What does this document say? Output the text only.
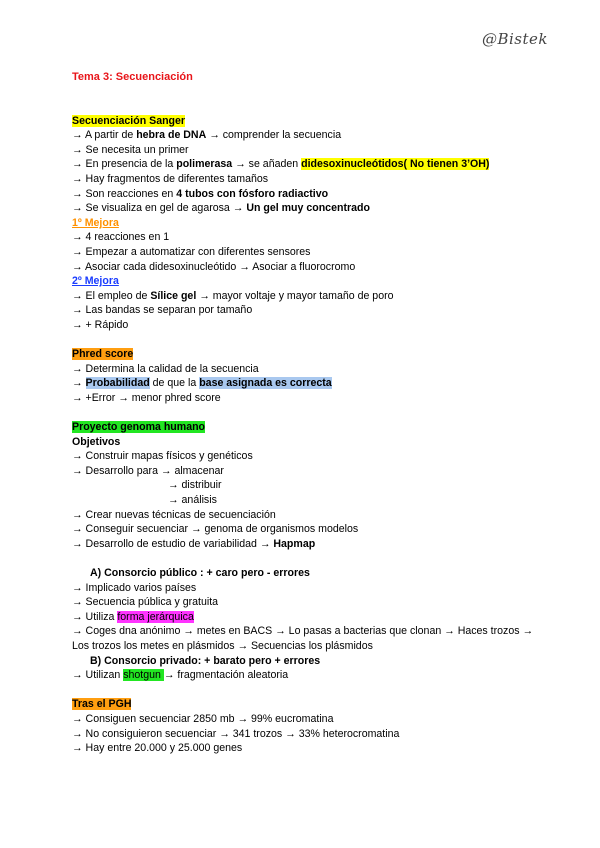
@Bistek
Tema 3: Secuenciación
Secuenciación Sanger
→ A partir de hebra de DNA → comprender la secuencia
→ Se necesita un primer
→ En presencia de la polimerasa → se añaden didesoxinucleótidos( No tienen 3’OH)
→ Hay fragmentos de diferentes tamaños
→ Son reacciones en 4 tubos con fósforo radiactivo
→ Se visualiza en gel de agarosa → Un gel muy concentrado
1º Mejora
→ 4 reacciones en 1
→ Empezar a automatizar con diferentes sensores
→ Asociar cada didesoxinucleótido → Asociar a fluorocromo
2º Mejora
→ El empleo de Sílice gel → mayor voltaje y mayor tamaño de poro
→ Las bandas se separan por tamaño
→ + Rápido
Phred score
→ Determina la calidad de la secuencia
→ Probabilidad de que la base asignada es correcta
→ +Error → menor phred score
Proyecto genoma humano
Objetivos
→ Construir mapas físicos y genéticos
→ Desarrollo para → almacenar
→ distribuir
→ análisis
→ Crear nuevas técnicas de secuenciación
→ Conseguir secuenciar → genoma de organismos modelos
→ Desarrollo de estudio de variabilidad → Hapmap
A) Consorcio público : + caro pero - errores
→ Implicado varios países
→ Secuencia pública y gratuita
→ Utiliza forma jerárquica
→ Coges dna anónimo → metes en BACS → Lo pasas a bacterias que clonan → Haces trozos → Los trozos los metes en plásmidos → Secuencias los plásmidos
B) Consorcio privado: + barato pero + errores
→ Utilizan shotgun → fragmentación aleatoria
Tras el PGH
→ Consiguen secuenciar 2850 mb → 99% eucromatina
→ No consiguieron secuenciar → 341 trozos → 33% heterocromatina
→ Hay entre 20.000 y 25.000 genes
